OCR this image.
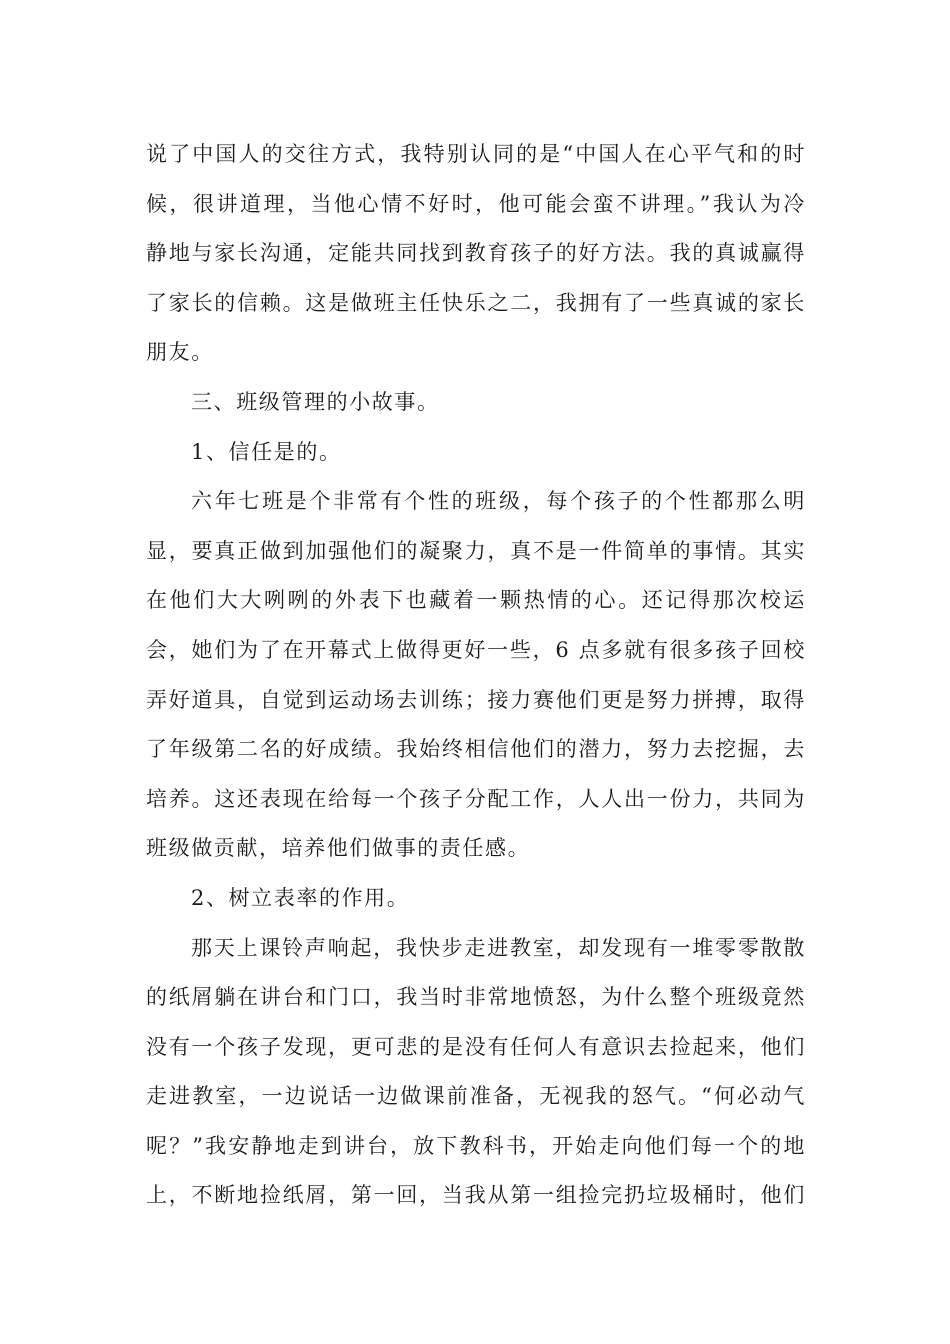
说了中国人的交往方式，我特别认同的是“中国人在心平气和的时
候，很讲道理，当他心情不好时，他可能会蛮不讲理。”我认为冷
静地与家长沟通，定能共同找到教育孩子的好方法。我的真诚赢得
了家长的信赖。这是做班主任快乐之二，我拥有了一些真诚的家长
朋友。
三、班级管理的小故事。
1、信任是的。
六年七班是个非常有个性的班级，每个孩子的个性都那么明
显，要真正做到加强他们的凝聚力，真不是一件简单的事情。其实
在他们大大咧咧的外表下也藏着一颗热情的心。还记得那次校运
会，她们为了在开幕式上做得更好一些，6 点多就有很多孩子回校
弄好道具，自觉到运动场去训练；接力赛他们更是努力拼搏，取得
了年级第二名的好成绩。我始终相信他们的潜力，努力去挖掘，去
培养。这还表现在给每一个孩子分配工作，人人出一份力，共同为
班级做贡献，培养他们做事的责任感。
2、树立表率的作用。
那天上课铃声响起，我快步走进教室，却发现有一堆零零散散
的纸屑躺在讲台和门口，我当时非常地愤怒，为什么整个班级竟然
没有一个孩子发现，更可悲的是没有任何人有意识去捡起来，他们
走进教室，一边说话一边做课前准备，无视我的怒气。“何必动气
呢？”我安静地走到讲台，放下教科书，开始走向他们每一个的地
上，不断地捡纸屑，第一回，当我从第一组捡完扔垃圾桶时，他们
